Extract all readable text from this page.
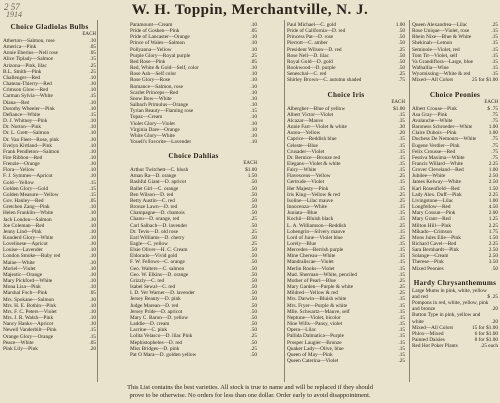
2 57
1914	W. H. Toppin, Merchantville, N. J.
Choice Gladiolas Bulbs
EACH
Atherton—Salmon, rose	.10
America—Pink	.05
Annie Eberius—Nell rose	.05
Alice Tiplady—Salmon	.15
Arizona—Pink, lilac	.25
B.L. Smith—Pink	.25
Challenger—Red	.10
Chateau-Thierry—Red	.10
Crimson Glow—Red	.10
Carman Sylvia—White	.15
Diana—Red	.10
Dorothy Wheeler—Pink	.10
Defiance—White	.15
D. J. Whitney—Pink	.10
Dr. Norton—Pink	.10
Dr. L. Grett—Salmon	.10
Dr. Van Fleet—Rose, pink	.10
Evelyn Kirtland—Pink	.10
Frank Pendleton—Salmon	.10
Fire Ribbon—Red	.10
Frenzie—Orange	.10
Flora—Yellow	.10
F. J. Symmes—Apricot	.10
Gold—Yellow	.15
Golden Glory—Gold	.15
Golden Measure—Yellow	.15
Gov. Hanley—Red	.05
Gretchen Zang—Pink	.10
Helen Franklin—White	.10
Jack London—Salmon	.10
Joe Coleman—Red	.10
Jenny Lind—Pink	.10
Kunderd Glory—White	.10
Lovelinese—Apricot	.10
Louise—Lavender	.10
London Smoke—Ruby red	.10
Maine—White	.10
Moriel—Violet	.10
Majestic—Orange	.10
Mary Pickford—White	.10
Mona Lisa—Pink	.10
Marshal Foch—Pink	.05
Mrs. Spokane—Salmon	.10
Mrs. H. E. Bothin—Pink	.10
Mrs. F. C. Peters—Violet	.10
Mrs. J. R. Walsh—Pink	.10
Nancy Hanks—Apricot	.10
Newell Vanderbilt—Pink	.15
Orange Glory—Orange	.15
Peace—White	.05
Pink Lily—Pink	.20
Paramount—Cream	.10
Pride of Goshen—Pink	.05
Pride of Lancaster—Orange	.10
Prince of Wales—Salmon	.10
Pollyanna—Yellow	.10
Purple Glory—Royal purple	.25
Red Rose—Pink	.05
Red, White & Gold—Self, color	.10
Rose Ash—Self color	.10
Rose Glory—Rose	.10
Romance—Salmon, rose	.10
Scarlet Princeps—Red	.10
Snow Bow—White	.10
Salbach Primulus—Orange	.10
Tyrian Beauty—Flaming rose	.15
Topaz—Cream	.10
Violet Glory—Violet	.10
Virginia Dare—Orange	.10
White Glory—White	.10
Youell's Favorite—Lavender	.10
Choice Dahlias
EACH
Arthur Twitchett—C. blush	$1.00
Aman Ra—D. orange	1.50
Bashful Giant—D. apricot	.50
Ballet Girl—C. orange	.50
Ben Wilson—D. red	.50
Betty Austin—C. red	.50
Bronze Lawn—D. red	.50
Champagne—D. chamois	.50
Chanu—D. orange, red	.25
Carl Salbach—D. lavender	.50
Dr. Tevis—D. old rose	.25
Earl Williams—D. cherry	.50
Eagle—C. yellow	.25
Elsie Oliver—H. C. Cream	.50
Eldorado—Vivid gold	.50
F. W. Fellows—C. orange	.50
Geo. Walters—C. salmon	.50
Geo. W. Elkins—D. orange	.50
Grizzly—C. red	.50
Isabel Sewal—C. red	.50
I. D. Ver Warner—D. lavender	.50
Jersey Beauty—D. pink	.50
Judge Marean—D. red	.50
Jersey Pride—D. apricot	.50
Mary C. Baron—D. yellow	.50
Laddie—D. cream	.50
Lacrine—C. pink	.50
Lolita Velasco—D. lilac Pink	.25
Mephistopheles—D. red	.50
Miss Bridges—D. pink	.25
Pat O Mara—D. golden yellow	.50
Paul Michael—C. gold	1.00
Pride of California—D. red	.50
Princess Pat—D. rose	.50
Pierrott—C. amber	.50
President Wilson—D. red	.25
Rose Nell—D. lilac	.50
Royal Gold—D. gold	.50
Rookwood—D. purple	.50
Seneschal—C. red	.25
Shirley Brown—C. autumn shaded	.75
Choice Iris
EACH
Albergher—Blue of yellow	$1.00
Albert Victor—Violet	.15
Alcazar—Mauve	.35
Annie Farr—Violet & white	.30
Aurea—Yellow	.20
Caprice—Reddish blue	.15
Celeste—Blue	.15
Crusader—Violet	.15
Dr. Bernice—Bronze red	.15
Elegans—Violet & white	.15
Fairy—White	.15
Flavescens—Yellow	.25
Gertrude—Violet	.15
Her Majesty—Pink	.15
Iris King—Yellow & red	.25
Isoline—Lilac mauve	.25
Innocenza—White	.15
Juniata—Blue	.15
Kochii—Bluish black	.15
L. A. Williamson—Reddish	.25
Lohengrin—Silvery mauve	.15
Lord of June—Violet blue	.25
Lorely—Blue	.15
Mercedes—Berrish purple	.15
Mme Chereau—White	.15
Mandraliscae—Violet	.15
Merlin Rooks—Violet	.15
Mad. Sherman—White, penciled	.15
Mother of Pearl—Blue	.25
Mary Garden—Purple & white	.25
Mildred—Yellow & red	.25
Mrs. Darwin—Bluish white	.15
Mrs. Fryer—Purple & white	.15
Mlle. Schwartz—Mauve, self	.15
Neptune—Violet, bicolor	.15
Nine Wills—Pansy, violet	.15
Opera—Lilac	.15
Pallida Dalmatica—Purple	.15
Prosper Laugier—Bronze	.15
Quaker Lady—Olive, blue	.15
Queen of May—Pink	.15
Queen Caterina—Violet	.25
Queen Alexandrea—Lilac	.25
Rose Unique—Violet, rose	.15
Rhein Nixe—Blue & White	.15
Shekinah—Lemon	.15
Seminole—Violet, red	.15
Tom Tit—Violet, self	.15
Va Grandiflora—Large, blue	.15
Walhallia—Wine	.15
Wyomissing—White & red	.15
Mixed—All Colors	25 for $1.00
Choice Peonies
EACH
Albert Crouse—Pink	$ .75
Asa Gray—Pink	.75
Avalanche—White	.75
Baroness Schroeder—White	1.00
Claire Dubois—Pink	1.00
Duchess De Nemours—White	.75
Eugene Verdier—Pink	.75
Felix Crousse—Red	.75
Festiva Maxima—White	.75
Francis Willard—White	2.25
Grover Cleveland—Red	1.00
Jubilee—White	2.50
James Kelway—White	2.50
Karl Rosenfield—Red	1.50
Lady Alex. Duff—Pink	2.25
Livingstone—Lilac	1.00
Longfellow—Red	4.50
Mary Cossun—Pink	2.00
Mary Grant—Red	1.25
Milton Hill—Pink	2.25
Mikado—Crimson	1.75
Mons Jules Elie—Pink	1.50
Richard Cavel—Red	2.25
Sara Bernhardt—Pink	2.50
Solange—Cream	2.50
Therese—Pink	3.50
Mixed Peonies	.50
Hardy Chrysanthemums
Large Mums in pink, white, yellow
and red	$ .25
Pompons in red, white, yellow, pink
and bronze	.20
Button Type in pink, yellow and
white	.20
Mixed—All Colors	15 for $1.00
Phlox—Mixed	6 for $1.00
Painted Daisies	8 for $1.00
Red Hot Poker Plants	.25 each
This List contains the best varieties. All stock is true to name and will be replaced if they should
prove to be otherwise. No orders for less than one dollar. Order early to avoid disappointment.
